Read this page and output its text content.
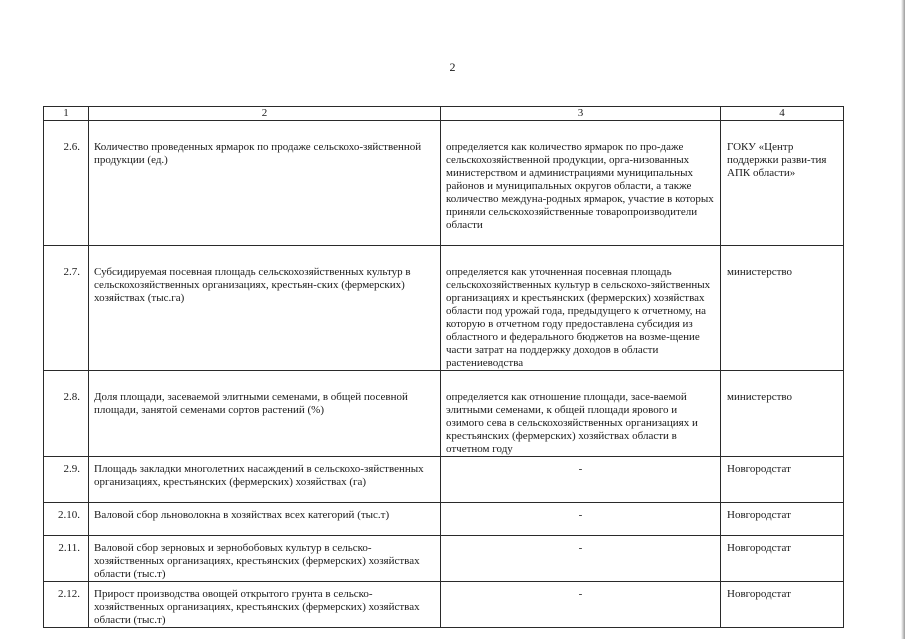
2
1	2	3	4
2.6.	Количество проведенных ярмарок по продаже сельскохо-зяйственной продукции (ед.)	определяется как количество ярмарок по про-даже сельскохозяйственной продукции, орга-низованных министерством и администрациями муниципальных районов и муниципальных округов области, а также количество междуна-родных ярмарок, участие в которых приняли сельскохозяйственные товаропроизводители области	ГОКУ «Центр поддержки разви-тия АПК области»
2.7.	Субсидируемая посевная площадь сельскохозяйственных культур в сельскохозяйственных организациях, крестьян-ских (фермерских) хозяйствах (тыс.га)	определяется как уточненная посевная площадь сельскохозяйственных культур в сельскохо-зяйственных организациях и крестьянских (фермерских) хозяйствах области под урожай года, предыдущего к отчетному, на которую в отчетном году предоставлена субсидия из областного и федерального бюджетов на возме-щение части затрат на поддержку доходов в области растениеводства	министерство
2.8.	Доля площади, засеваемой элитными семенами, в общей посевной площади, занятой семенами сортов растений (%)	определяется как отношение площади, засе-ваемой элитными семенами, к общей площади ярового и озимого сева в сельскохозяйственных организациях и крестьянских (фермерских) хозяйствах области в отчетном году	министерство
2.9.	Площадь закладки многолетних насаждений в сельскохо-зяйственных организациях, крестьянских (фермерских) хозяйствах (га)	-	Новгородстат
2.10.	Валовой сбор льноволокна в хозяйствах всех категорий (тыс.т)	-	Новгородстат
2.11.	Валовой сбор зерновых и зернобобовых культур в сельско-хозяйственных организациях, крестьянских (фермерских) хозяйствах области (тыс.т)	-	Новгородстат
2.12.	Прирост производства овощей открытого грунта в сельско-хозяйственных организациях, крестьянских (фермерских) хозяйствах области (тыс.т)	-	Новгородстат
